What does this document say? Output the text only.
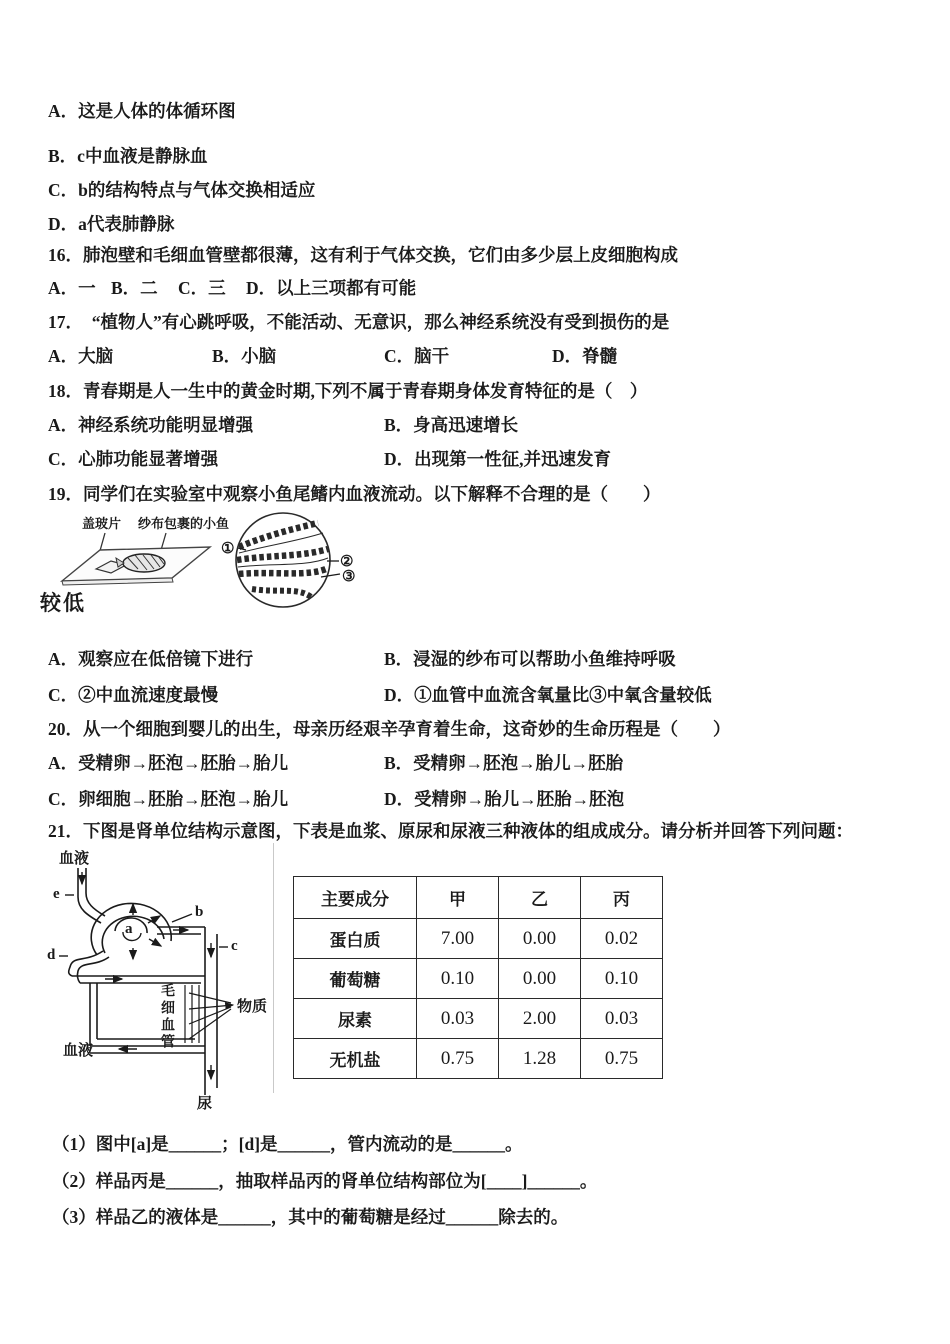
A．这是人体的体循环图
B．c中血液是静脉血
C．b的结构特点与气体交换相适应
D．a代表肺静脉
16．肺泡壁和毛细血管壁都很薄，这有利于气体交换，它们由多少层上皮细胞构成
A．一 B．二 C．三 D．以上三项都有可能
17．　“植物人”有心跳呼吸，不能活动、无意识，那么神经系统没有受到损伤的是
A．大脑	B．小脑	C．脑干	D．脊髓
18．青春期是人一生中的黄金时期,下列不属于青春期身体发育特征的是（　）
A．神经系统功能明显增强	B．身高迅速增长
C．心肺功能显著增强	D．出现第一性征,并迅速发育
19．同学们在实验室中观察小鱼尾鳍内血液流动。以下解释不合理的是（　　）
盖玻片 纱布包裹的小鱼
较低
①
②
③
A．观察应在低倍镜下进行	B．浸湿的纱布可以帮助小鱼维持呼吸
C．②中血流速度最慢	D．①血管中血流含氧量比③中氧含量较低
20．从一个细胞到婴儿的出生，母亲历经艰辛孕育着生命，这奇妙的生命历程是（　　）
A．受精卵→胚泡→胚胎→胎儿	B．受精卵→胚泡→胎儿→胚胎
C．卵细胞→胚胎→胚泡→胎儿	D．受精卵→胎儿→胚胎→胚泡
21．下图是肾单位结构示意图，下表是血浆、原尿和尿液三种液体的组成成分。请分析并回答下列问题：
血液
e
a
b
c
d
毛细血管	物质
血液
尿
主要成分	甲	乙	丙
蛋白质	7.00	0.00	0.02
葡萄糖	0.10	0.00	0.10
尿素	0.03	2.00	0.03
无机盐	0.75	1.28	0.75
（1）图中[a]是______；[d]是______，管内流动的是______。
（2）样品丙是______，抽取样品丙的肾单位结构部位为[____]______。
（3）样品乙的液体是______，其中的葡萄糖是经过______除去的。
